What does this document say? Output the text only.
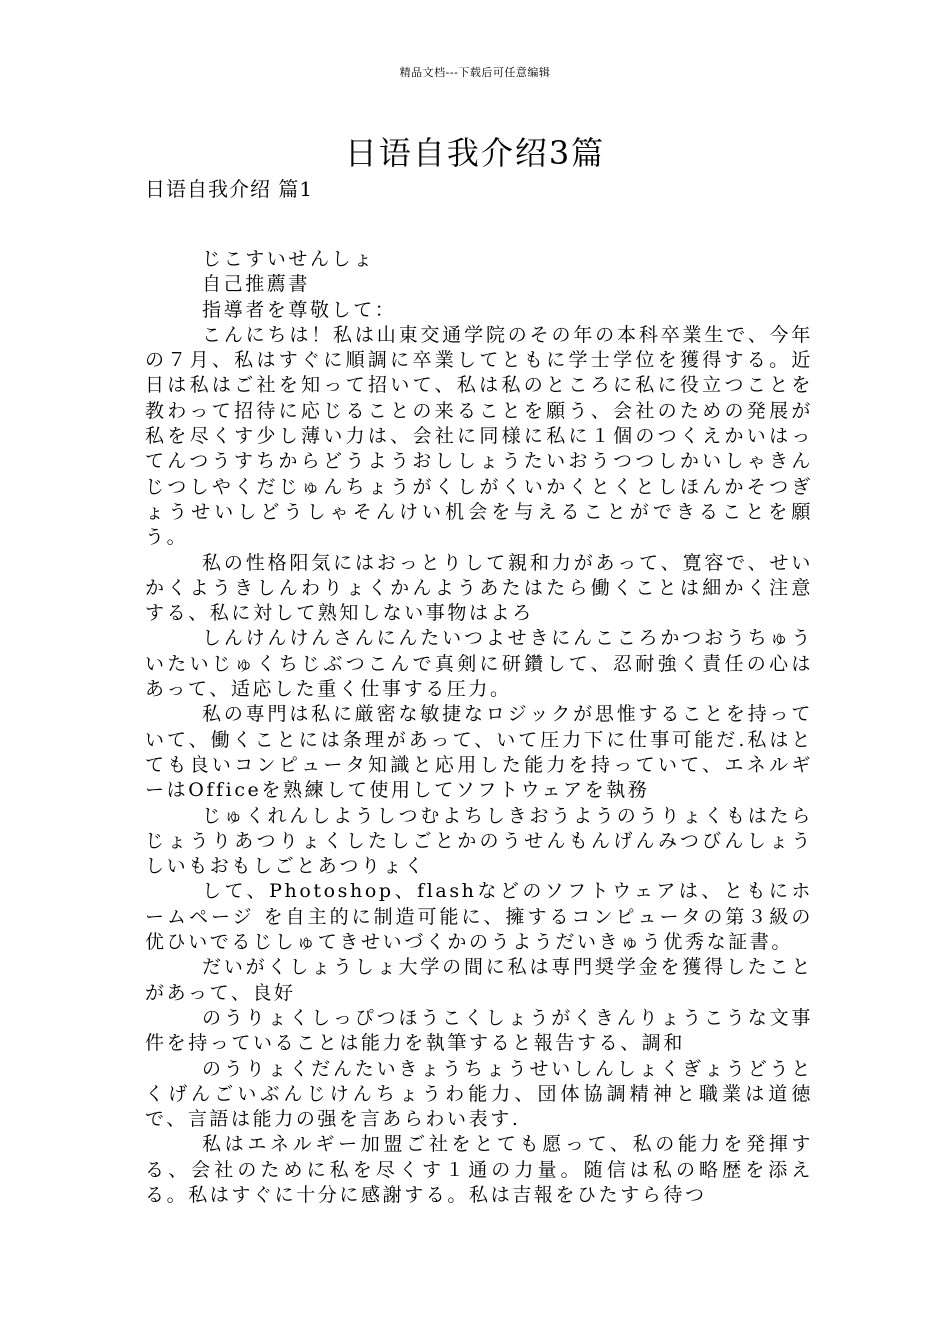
精品文档---下载后可任意编辑
日语自我介绍3篇
日语自我介绍 篇1

じこすいせんしょ

自己推薦書

指導者を尊敬して：

こんにちは！私は山東交通学院のその年の本科卒業生で、今年の７月、私はすぐに順調に卒業してともに学士学位を獲得する。近日は私はご社を知って招いて、私は私のところに私に役立つことを教わって招待に応じることの来ることを願う、会社のための発展が私を尽くす少し薄い力は、会社に同様に私に１個のつくえかいはってんつうすちからどうようおししょうたいおうつつしかいしゃきんじつしやくだじゅんちょうがくしがくいかくとくとしほんかそつぎょうせいしどうしゃそんけい机会を与えることができることを願う。

私の性格阳気にはおっとりして親和力があって、寛容で、せいかくようきしんわりょくかんようあたはたら働くことは細かく注意する、私に対して熟知しない事物はよろ

しんけんけんさんにんたいつよせきにんこころかつおうちゅういたいじゅくちじぶつこんで真剣に研鑽して、忍耐強く責任の心はあって、适応した重く仕事する圧力。

私の専門は私に厳密な敏捷なロジックが思惟することを持っていて、働くことには条理があって、いて圧力下に仕事可能だ.私はとても良いコンピュータ知識と応用した能力を持っていて、エネルギーはOfficeを熟練して使用してソフトウェアを執務

じゅくれんしようしつむよちしきおうようのうりょくもはたらじょうりあつりょくしたしごとかのうせんもんげんみつびんしょうしいもおもしごとあつりょく

して、Photoshop、flashなどのソフトウェアは、ともにホームページ を自主的に制造可能に、擁するコンピュータの第３級の优ひいでるじしゅてきせいづくかのうようだいきゅう优秀な証書。

だいがくしょうしょ大学の間に私は専門奨学金を獲得したことがあって、良好

のうりょくしっぴつほうこくしょうがくきんりょうこうな文事件を持っていることは能力を執筆すると報告する、調和

のうりょくだんたいきょうちょうせいしんしょくぎょうどうとくげんごいぶんじけんちょうわ能力、団体協調精神と職業は道徳で、言語は能力の强を言あらわい表す.

私はエネルギー加盟ご社をとても愿って、私の能力を発揮する、会社のために私を尽くす１通の力量。随信は私の略歴を添える。私はすぐに十分に感謝する。私は吉報をひたすら待つ
